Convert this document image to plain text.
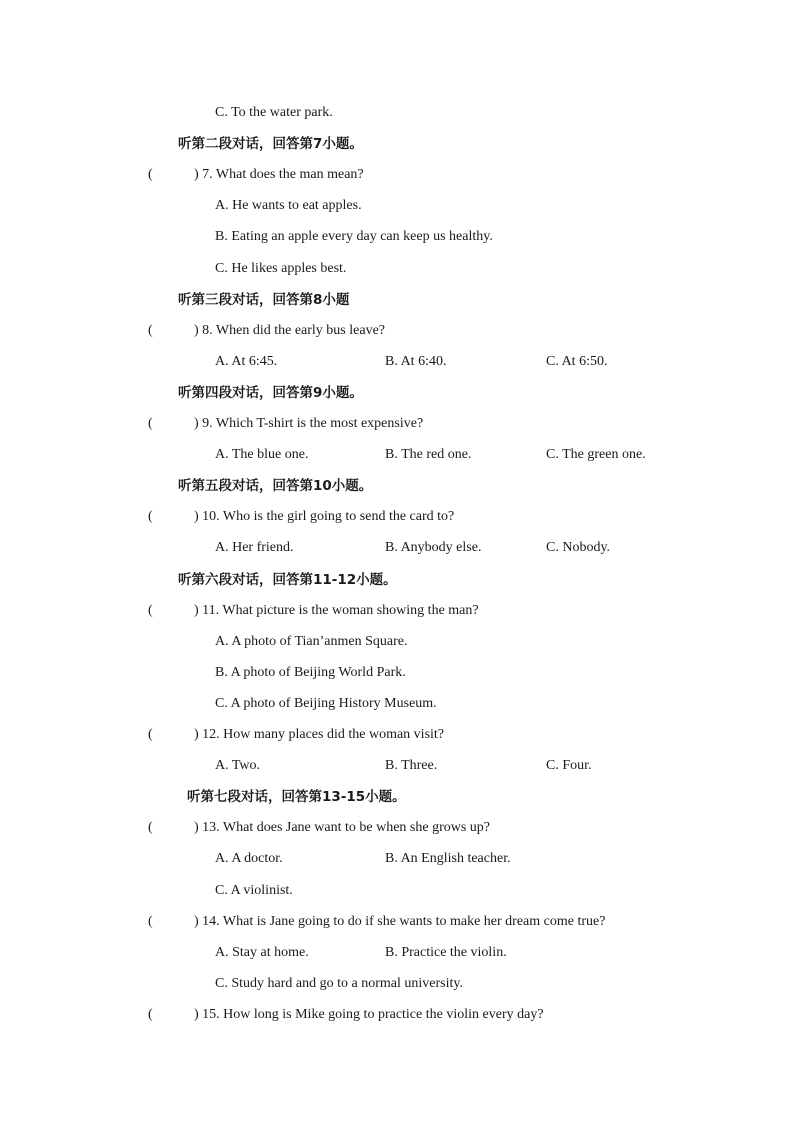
C. To the water park.
听第二段对话，回答第7小题。
(	) 7. What does the man mean?
A. He wants to eat apples.
B. Eating an apple every day can keep us healthy.
C. He likes apples best.
听第三段对话，回答第8小题
(	) 8. When did the early bus leave?
A. At 6:45.	B. At 6:40.	C. At 6:50.
听第四段对话，回答第9小题。
(	) 9. Which T-shirt is the most expensive?
A. The blue one.	B. The red one.	C. The green one.
听第五段对话，回答第10小题。
(	) 10. Who is the girl going to send the card to?
A. Her friend.	B. Anybody else.	C. Nobody.
听第六段对话，回答第11-12小题。
(	) 11. What picture is the woman showing the man?
A. A photo of Tian’anmen Square.
B. A photo of Beijing World Park.
C. A photo of Beijing History Museum.
(	) 12. How many places did the woman visit?
A. Two.	B. Three.	C. Four.
听第七段对话，回答第13-15小题。
(	) 13. What does Jane want to be when she grows up?
A. A doctor.	B. An English teacher.
C. A violinist.
(	) 14. What is Jane going to do if she wants to make her dream come true?
A. Stay at home.	B. Practice the violin.
C. Study hard and go to a normal university.
(	) 15. How long is Mike going to practice the violin every day?
